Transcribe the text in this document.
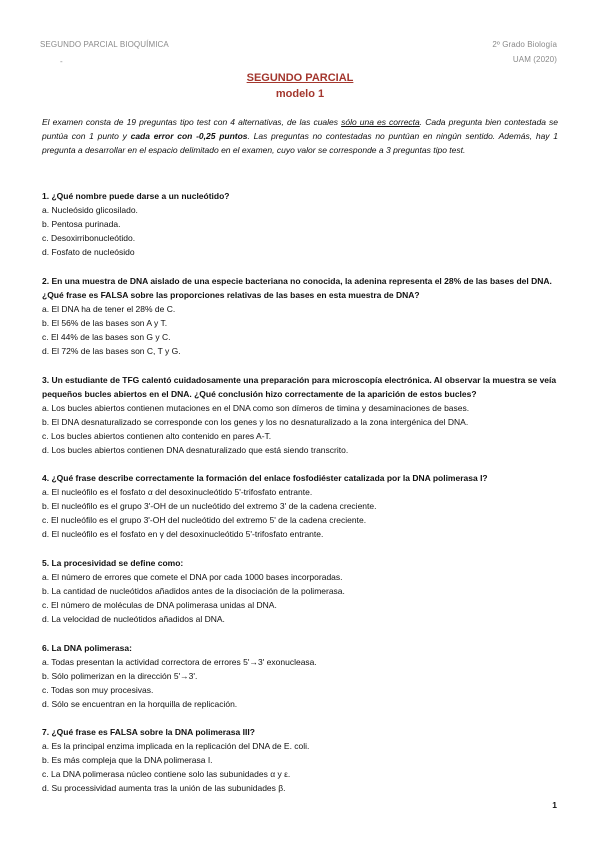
SEGUNDO PARCIAL BIOQUÍMICA
-
2º Grado Biología
UAM (2020)
SEGUNDO PARCIAL
modelo 1
El examen consta de 19 preguntas tipo test con 4 alternativas, de las cuales sólo una es correcta. Cada pregunta bien contestada se puntúa con 1 punto y cada error con -0,25 puntos. Las preguntas no contestadas no puntúan en ningún sentido. Además, hay 1 pregunta a desarrollar en el espacio delimitado en el examen, cuyo valor se corresponde a 3 preguntas tipo test.
1. ¿Qué nombre puede darse a un nucleótido?
a. Nucleósido glicosilado.
b. Pentosa purinada.
c. Desoxirribonucleótido.
d. Fosfato de nucleósido
2. En una muestra de DNA aislado de una especie bacteriana no conocida, la adenina representa el 28% de las bases del DNA. ¿Qué frase es FALSA sobre las proporciones relativas de las bases en esta muestra de DNA?
a. El DNA ha de tener el 28% de C.
b. El 56% de las bases son A y T.
c. El 44% de las bases son G y C.
d. El 72% de las bases son C, T y G.
3. Un estudiante de TFG calentó cuidadosamente una preparación para microscopía electrónica. Al observar la muestra se veía pequeños bucles abiertos en el DNA. ¿Qué conclusión hizo correctamente de la aparición de estos bucles?
a. Los bucles abiertos contienen mutaciones en el DNA como son dímeros de timina y desaminaciones de bases.
b. El DNA desnaturalizado se corresponde con los genes y los no desnaturalizado a la zona intergénica del DNA.
c. Los bucles abiertos contienen alto contenido en pares A-T.
d. Los bucles abiertos contienen DNA desnaturalizado que está siendo transcrito.
4. ¿Qué frase describe correctamente la formación del enlace fosfodiéster catalizada por la DNA polimerasa I?
a. El nucleófilo es el fosfato α del desoxinucleótido 5'-trifosfato entrante.
b. El nucleófilo es el grupo 3'-OH de un nucleótido del extremo 3' de la cadena creciente.
c. El nucleófilo es el grupo 3'-OH del nucleótido del extremo 5' de la cadena creciente.
d. El nucleófilo es el fosfato en γ del desoxinucleótido 5'-trifosfato entrante.
5. La procesividad se define como:
a. El número de errores que comete el DNA por cada 1000 bases incorporadas.
b. La cantidad de nucleótidos añadidos antes de la disociación de la polimerasa.
c. El número de moléculas de DNA polimerasa unidas al DNA.
d. La velocidad de nucleótidos añadidos al DNA.
6. La DNA polimerasa:
a. Todas presentan la actividad correctora de errores 5'→3' exonucleasa.
b. Sólo polimerizan en la dirección 5'→3'.
c. Todas son muy procesivas.
d. Sólo se encuentran en la horquilla de replicación.
7. ¿Qué frase es FALSA sobre la DNA polimerasa III?
a. Es la principal enzima implicada en la replicación del DNA de E. coli.
b. Es más compleja que la DNA polimerasa I.
c. La DNA polimerasa núcleo contiene solo las subunidades α y ε.
d. Su processividad aumenta tras la unión de las subunidades β.
1
